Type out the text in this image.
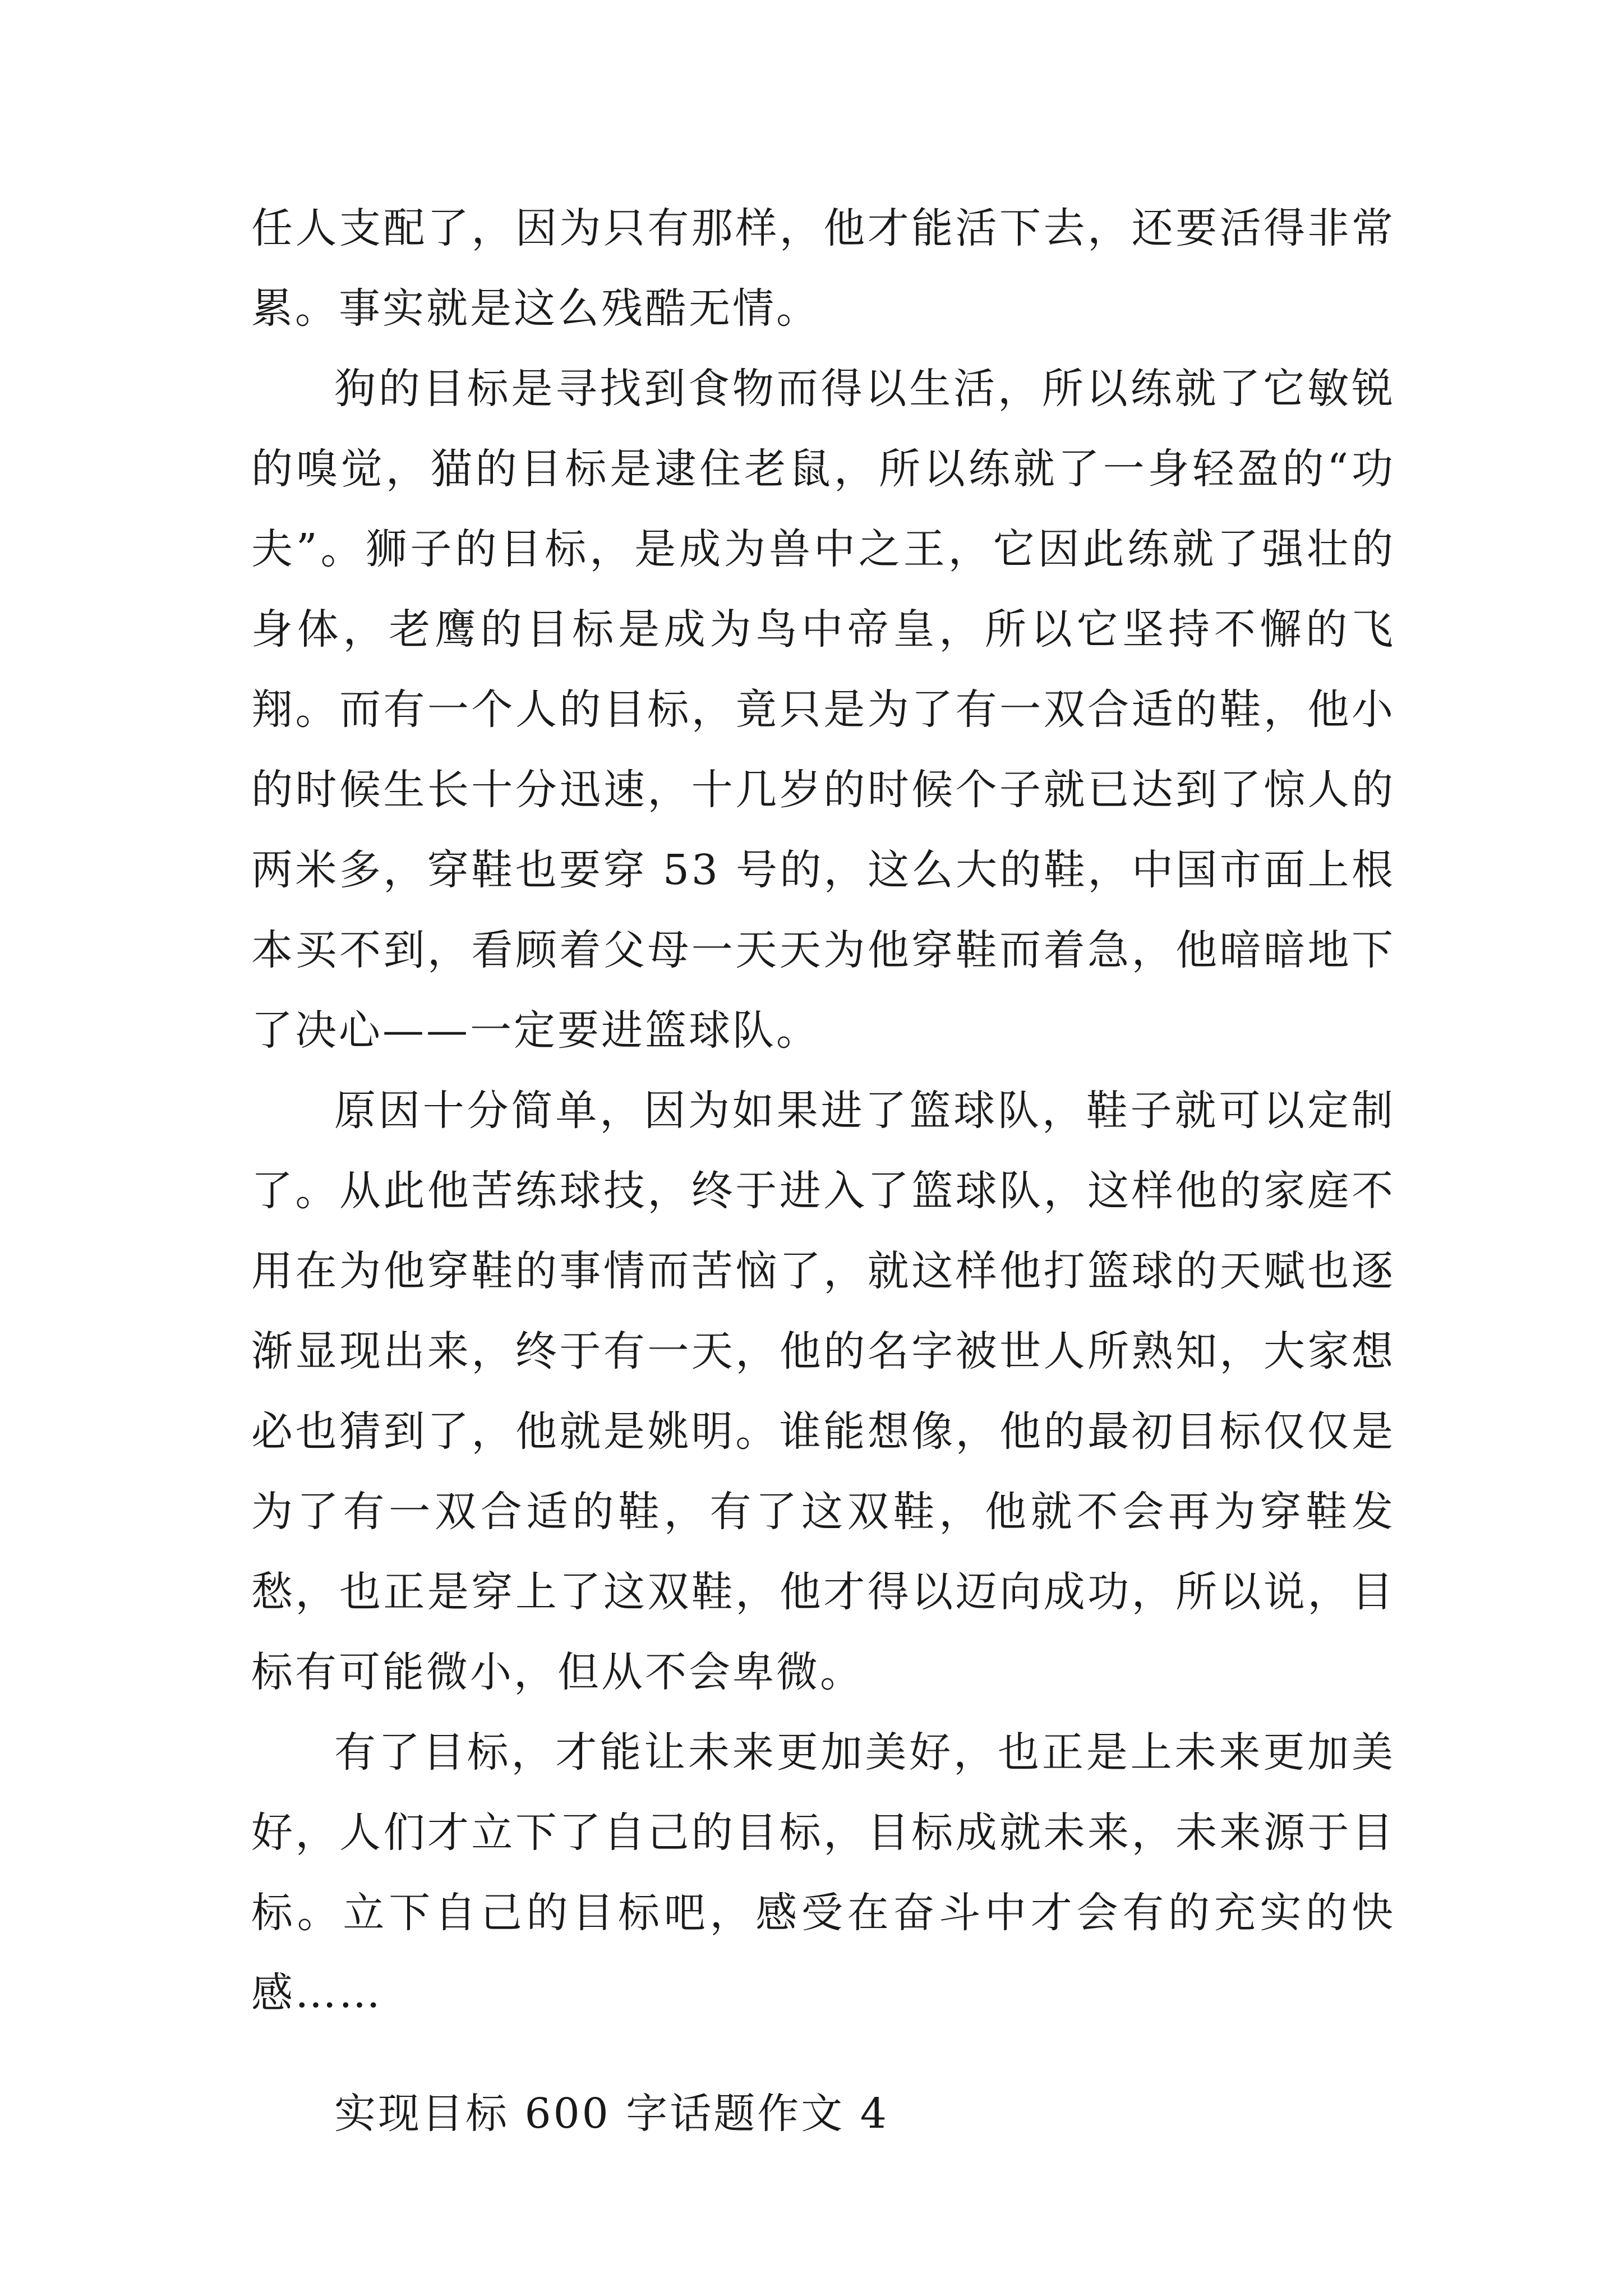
任人支配了，因为只有那样，他才能活下去，还要活得非常累。事实就是这么残酷无情。

狗的目标是寻找到食物而得以生活，所以练就了它敏锐的嗅觉，猫的目标是逮住老鼠，所以练就了一身轻盈的“功夫”。狮子的目标，是成为兽中之王，它因此练就了强壮的身体，老鹰的目标是成为鸟中帝皇，所以它坚持不懈的飞翔。而有一个人的目标，竟只是为了有一双合适的鞋，他小的时候生长十分迅速，十几岁的时候个子就已达到了惊人的两米多，穿鞋也要穿 53 号的，这么大的鞋，中国市面上根本买不到，看顾着父母一天天为他穿鞋而着急，他暗暗地下了决心——一定要进篮球队。

原因十分简单，因为如果进了篮球队，鞋子就可以定制了。从此他苦练球技，终于进入了篮球队，这样他的家庭不用在为他穿鞋的事情而苦恼了，就这样他打篮球的天赋也逐渐显现出来，终于有一天，他的名字被世人所熟知，大家想必也猜到了，他就是姚明。谁能想像，他的最初目标仅仅是为了有一双合适的鞋，有了这双鞋，他就不会再为穿鞋发愁，也正是穿上了这双鞋，他才得以迈向成功，所以说，目标有可能微小，但从不会卑微。

有了目标，才能让未来更加美好，也正是上未来更加美好，人们才立下了自己的目标，目标成就未来，未来源于目标。立下自己的目标吧，感受在奋斗中才会有的充实的快感……

实现目标 600 字话题作文 4
